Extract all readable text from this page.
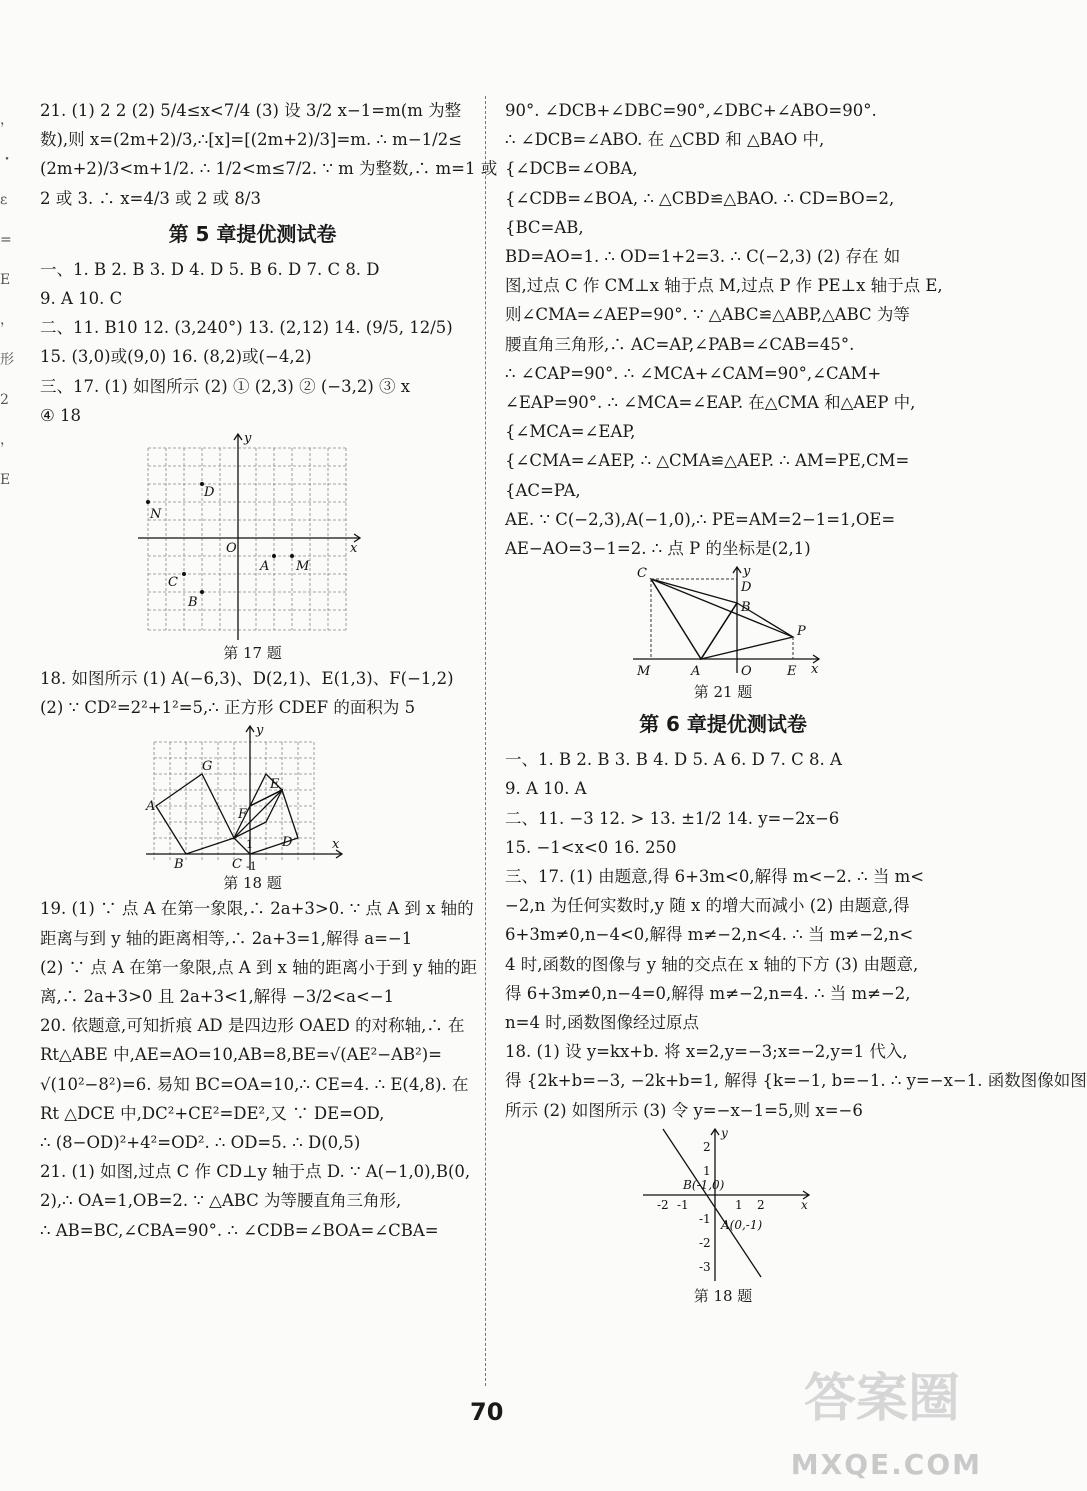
，
・
ε
=
E
，
形
2
，
E
21. (1) 2 2 (2) 5/4≤x<7/4 (3) 设 3/2 x−1=m(m 为整
数),则 x=(2m+2)/3,∴[x]=[(2m+2)/3]=m. ∴ m−1/2≤
(2m+2)/3<m+1/2. ∴ 1/2<m≤7/2. ∵ m 为整数,∴ m=1 或
2 或 3. ∴ x=4/3 或 2 或 8/3
第 5 章提优测试卷
一、1. B 2. B 3. D 4. D 5. B 6. D 7. C 8. D
9. A 10. C
二、11. B10 12. (3,240°) 13. (2,12) 14. (9/5, 12/5)
15. (3,0)或(9,0) 16. (8,2)或(−4,2)
三、17. (1) 如图所示 (2) ① (2,3) ② (−3,2) ③ x
④ 18
y
x
O
D
N
A M
C
B
第 17 题
18. 如图所示 (1) A(−6,3)、D(2,1)、E(1,3)、F(−1,2)
(2) ∵ CD²=2²+1²=5,∴ 正方形 CDEF 的面积为 5
y
x
G
A
F
E
D
B	C
1
-1
第 18 题
19. (1) ∵ 点 A 在第一象限,∴ 2a+3>0. ∵ 点 A 到 x 轴的
距离与到 y 轴的距离相等,∴ 2a+3=1,解得 a=−1
(2) ∵ 点 A 在第一象限,点 A 到 x 轴的距离小于到 y 轴的距
离,∴ 2a+3>0 且 2a+3<1,解得 −3/2<a<−1
20. 依题意,可知折痕 AD 是四边形 OAED 的对称轴,∴ 在
Rt△ABE 中,AE=AO=10,AB=8,BE=√(AE²−AB²)=
√(10²−8²)=6. 易知 BC=OA=10,∴ CE=4. ∴ E(4,8). 在
Rt △DCE 中,DC²+CE²=DE²,又 ∵ DE=OD,
∴ (8−OD)²+4²=OD². ∴ OD=5. ∴ D(0,5)
21. (1) 如图,过点 C 作 CD⊥y 轴于点 D. ∵ A(−1,0),B(0,
2),∴ OA=1,OB=2. ∵ △ABC 为等腰直角三角形,
∴ AB=BC,∠CBA=90°. ∴ ∠CDB=∠BOA=∠CBA=
90°. ∠DCB+∠DBC=90°,∠DBC+∠ABO=90°.
∴ ∠DCB=∠ABO. 在 △CBD 和 △BAO 中,
{∠DCB=∠OBA,
{∠CDB=∠BOA, ∴ △CBD≌△BAO. ∴ CD=BO=2,
{BC=AB,
BD=AO=1. ∴ OD=1+2=3. ∴ C(−2,3) (2) 存在 如
图,过点 C 作 CM⊥x 轴于点 M,过点 P 作 PE⊥x 轴于点 E,
则∠CMA=∠AEP=90°. ∵ △ABC≌△ABP,△ABC 为等
腰直角三角形,∴ AC=AP,∠PAB=∠CAB=45°.
∴ ∠CAP=90°. ∴ ∠MCA+∠CAM=90°,∠CAM+
∠EAP=90°. ∴ ∠MCA=∠EAP. 在△CMA 和△AEP 中,
{∠MCA=∠EAP,
{∠CMA=∠AEP, ∴ △CMA≌△AEP. ∴ AM=PE,CM=
{AC=PA,
AE. ∵ C(−2,3),A(−1,0),∴ PE=AM=2−1=1,OE=
AE−AO=3−1=2. ∴ 点 P 的坐标是(2,1)
C
D
y
B
P
M	A	O	E x
第 21 题
第 6 章提优测试卷
一、1. B 2. B 3. B 4. D 5. A 6. D 7. C 8. A
9. A 10. A
二、11. −3 12. > 13. ±1/2 14. y=−2x−6
15. −1<x<0 16. 250
三、17. (1) 由题意,得 6+3m<0,解得 m<−2. ∴ 当 m<
−2,n 为任何实数时,y 随 x 的增大而减小 (2) 由题意,得
6+3m≠0,n−4<0,解得 m≠−2,n<4. ∴ 当 m≠−2,n<
4 时,函数的图像与 y 轴的交点在 x 轴的下方 (3) 由题意,
得 6+3m≠0,n−4=0,解得 m≠−2,n=4. ∴ 当 m≠−2,
n=4 时,函数图像经过原点
18. (1) 设 y=kx+b. 将 x=2,y=−3;x=−2,y=1 代入,
得 {2k+b=−3, −2k+b=1, 解得 {k=−1, b=−1. ∴ y=−x−1. 函数图像如图
所示 (2) 如图所示 (3) 令 y=−x−1=5,则 x=−6
y
x
2
1
-1
-2
-3
-2 -1	1 2
B(-1,0)
A(0,-1)
第 18 题
70	答案圈
MXQE.COM
